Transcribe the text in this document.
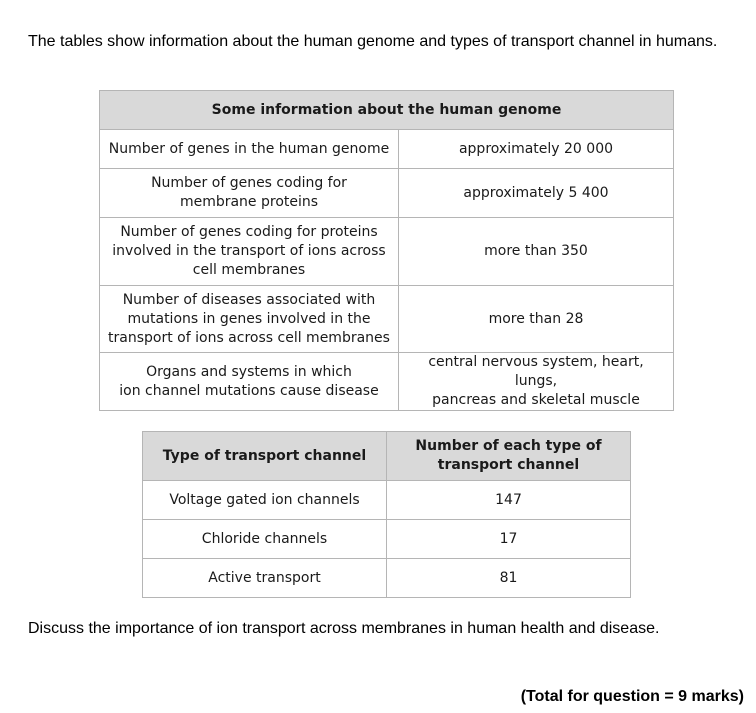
The tables show information about the human genome and types of transport channel in humans.
Some information about the human genome	
Number of genes in the human genome	approximately 20 000
Number of genes coding for
membrane proteins	approximately 5 400
Number of genes coding for proteins
involved in the transport of ions across
cell membranes	more than 350
Number of diseases associated with
mutations in genes involved in the
transport of ions across cell membranes	more than 28
Organs and systems in which
ion channel mutations cause disease	central nervous system, heart, lungs,
pancreas and skeletal muscle
Type of transport channel	Number of each type of
transport channel
Voltage gated ion channels	147
Chloride channels	17
Active transport	81
Discuss the importance of ion transport across membranes in human health and disease.
(Total for question = 9 marks)
